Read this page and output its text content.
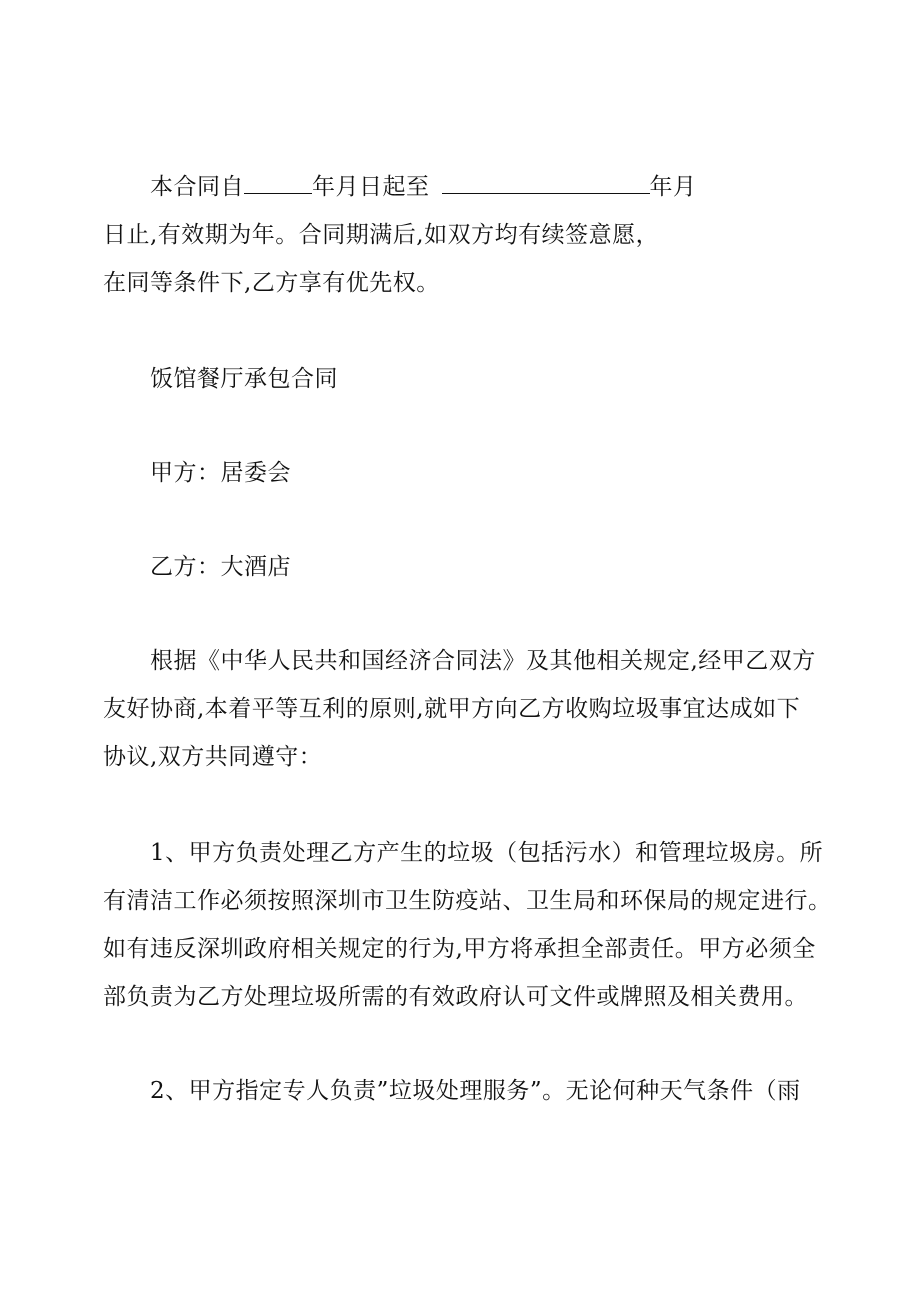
本合同自	年月日起至	年月
日止,有效期为年。合同期满后,如双方均有续签意愿，
在同等条件下,乙方享有优先权。
饭馆餐厅承包合同
甲方：居委会
乙方：大酒店
根据《中华人民共和国经济合同法》及其他相关规定,经甲乙双方
友好协商,本着平等互利的原则,就甲方向乙方收购垃圾事宜达成如下
协议,双方共同遵守：
1、甲方负责处理乙方产生的垃圾（包括污水）和管理垃圾房。所
有清洁工作必须按照深圳市卫生防疫站、卫生局和环保局的规定进行。
如有违反深圳政府相关规定的行为,甲方将承担全部责任。甲方必须全
部负责为乙方处理垃圾所需的有效政府认可文件或牌照及相关费用。
2、甲方指定专人负责”垃圾处理服务”。无论何种天气条件（雨
